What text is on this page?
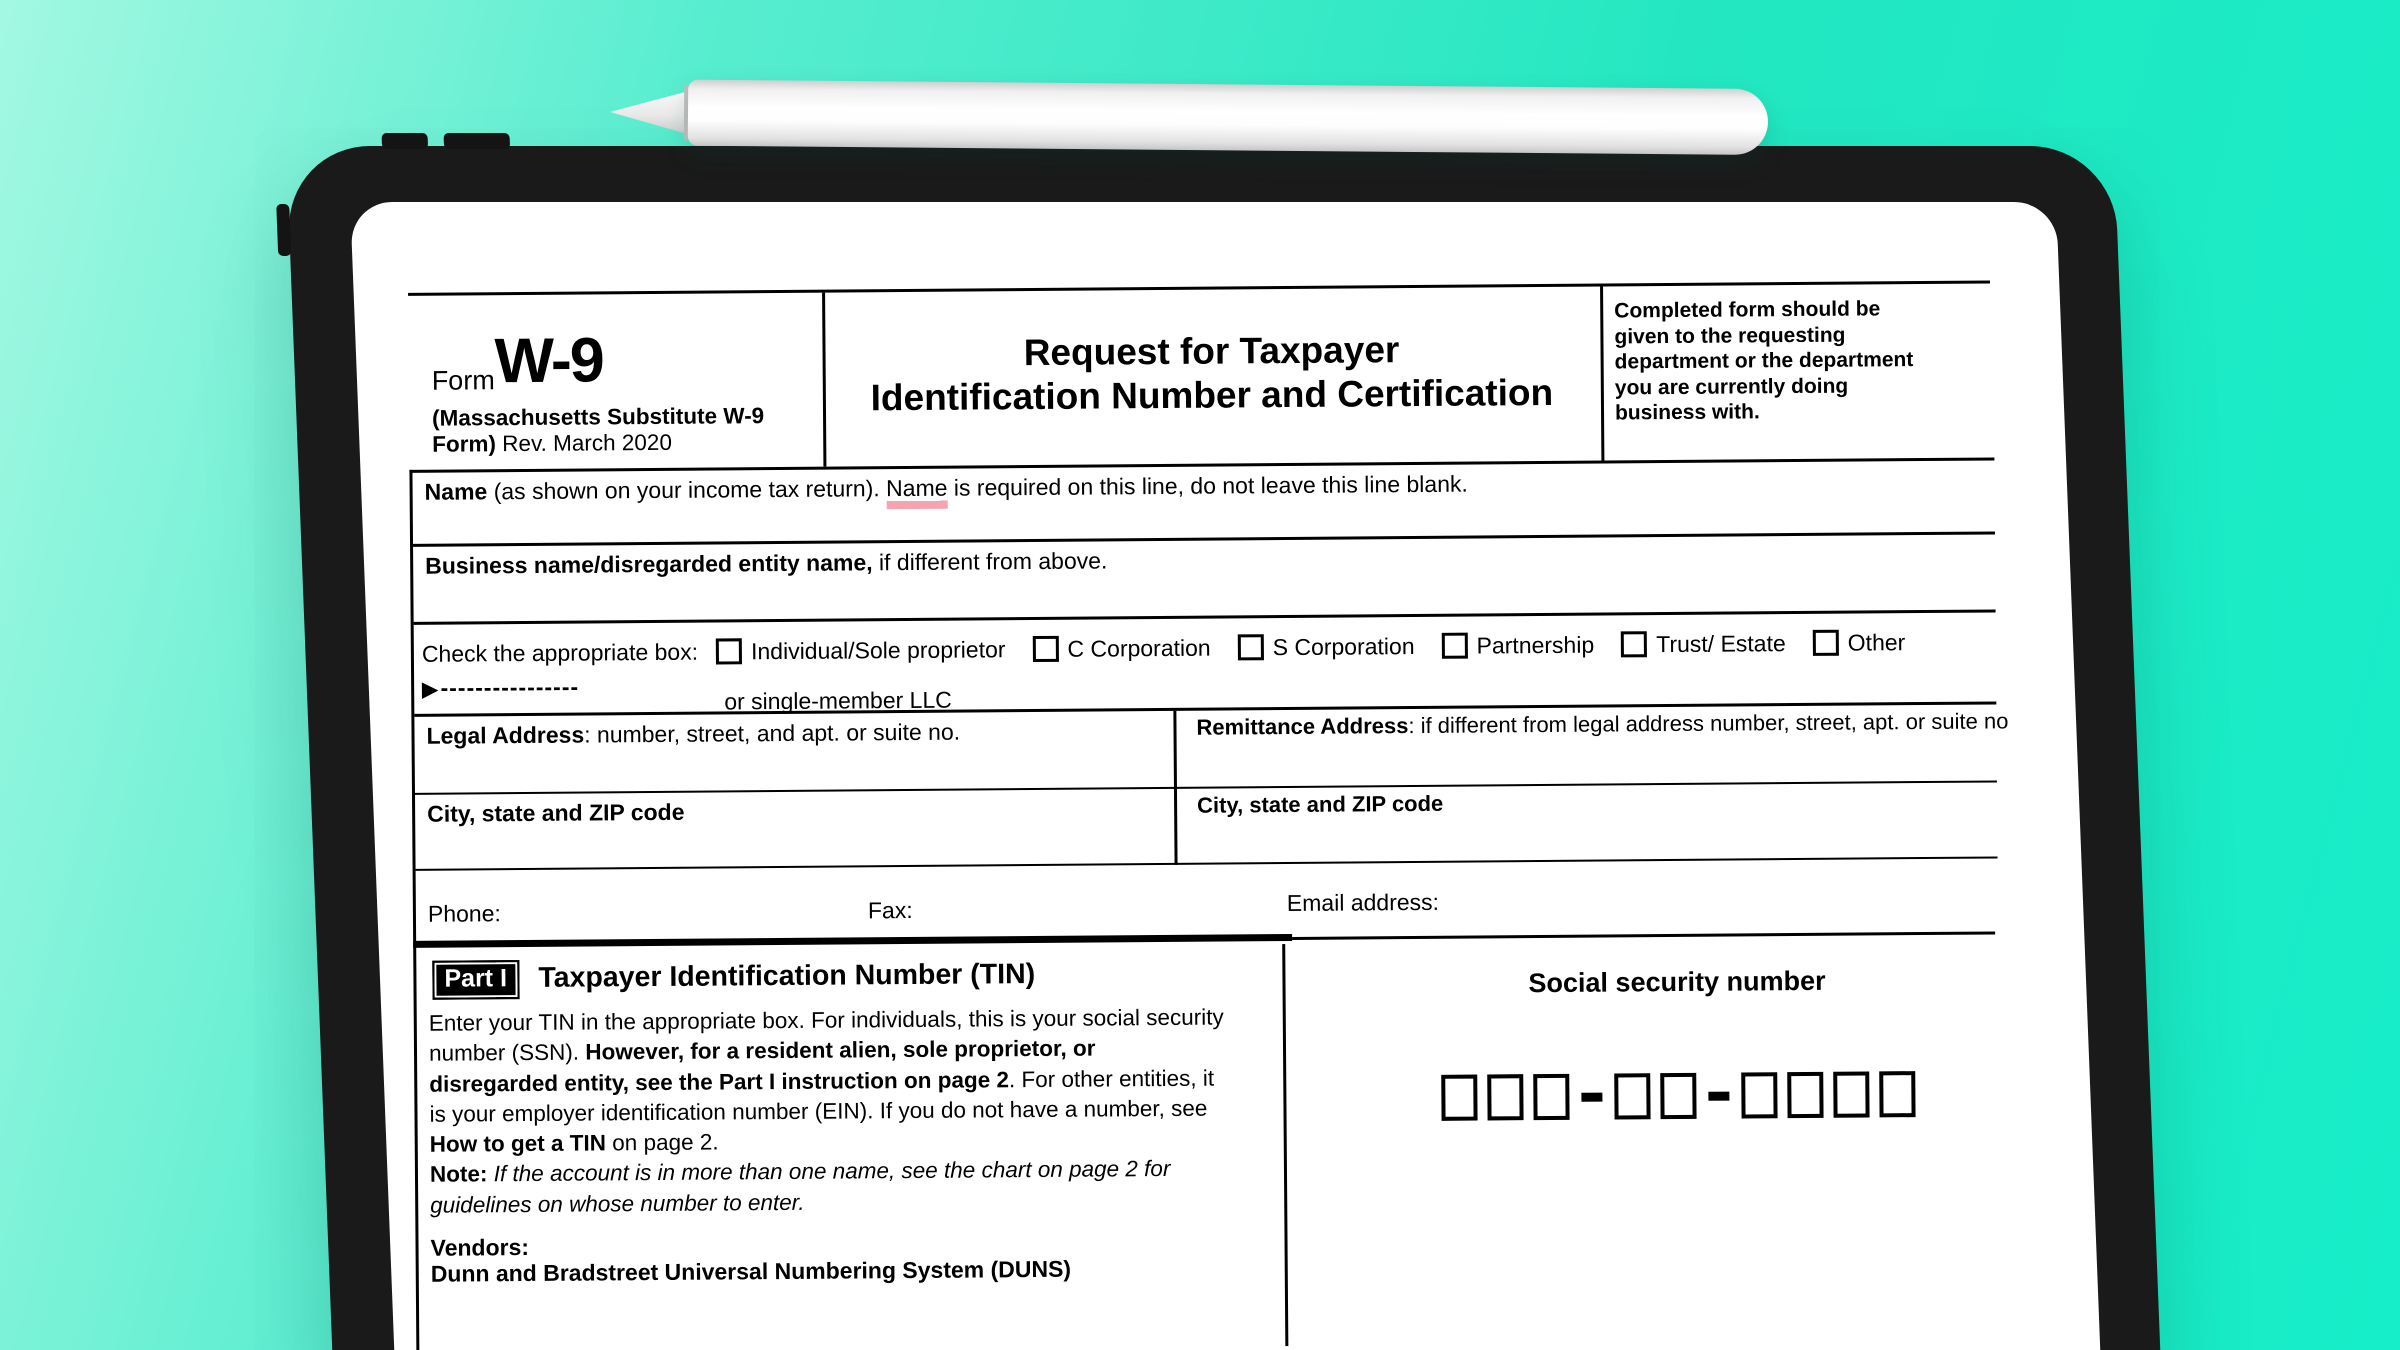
Form W-9
(Massachusetts Substitute W-9
Form) Rev. March 2020
Request for Taxpayer
Identification Number and Certification
Completed form should be
given to the requesting
department or the department
you are currently doing
business with.

Name (as shown on your income tax return). Name is required on this line, do not leave this line blank.

Business name/disregarded entity name, if different from above.

Check the appropriate box: Individual/Sole proprietor	C Corporation	S Corporation	Partnership	Trust/ Estate	Other
▶----------------	or single-member LLC

Legal Address: number, street, and apt. or suite no.	Remittance Address: if different from legal address number, street, apt. or suite no

City, state and ZIP code	City, state and ZIP code

Phone:	Fax:	Email address:
Part I	Taxpayer Identification Number (TIN)
Enter your TIN in the appropriate box. For individuals, this is your social security
number (SSN). However, for a resident alien, sole proprietor, or
disregarded entity, see the Part I instruction on page 2. For other entities, it
is your employer identification number (EIN). If you do not have a number, see
How to get a TIN on page 2.
Note: If the account is in more than one name, see the chart on page 2 for
guidelines on whose number to enter.
Vendors:
Dunn and Bradstreet Universal Numbering System (DUNS)
Social security number
